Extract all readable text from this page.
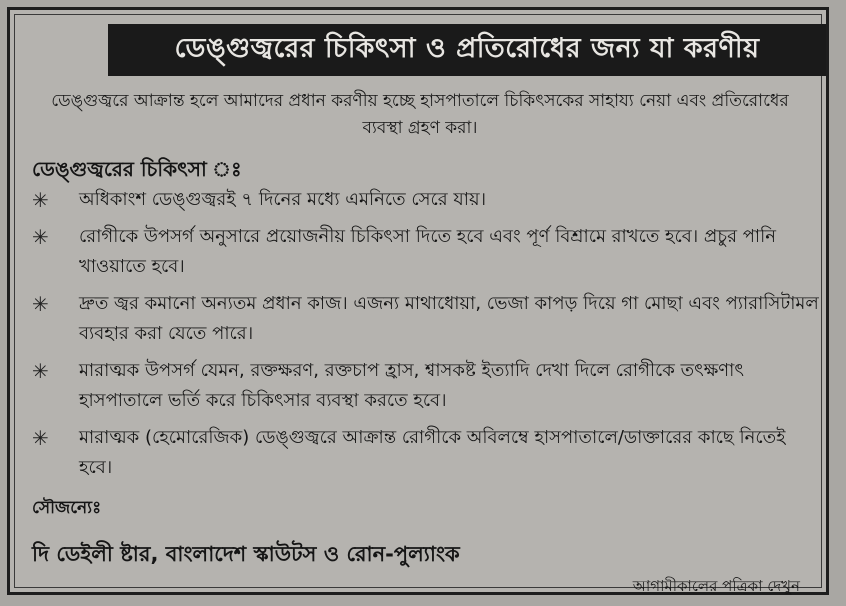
ডেঙ্গুজ্বরের চিকিৎসা ও প্রতিরোধের জন্য যা করণীয়
ডেঙ্গুজ্বরে আক্রান্ত হলে আমাদের প্রধান করণীয় হচ্ছে হাসপাতালে চিকিৎসকের সাহায্য নেয়া এবং প্রতিরোধের ব্যবস্থা গ্রহণ করা।
ডেঙ্গুজ্বরের চিকিৎসা ঃ
✳	অধিকাংশ ডেঙ্গুজ্বরই ৭ দিনের মধ্যে এমনিতে সেরে যায়।
✳	রোগীকে উপসর্গ অনুসারে প্রয়োজনীয় চিকিৎসা দিতে হবে এবং পূর্ণ বিশ্রামে রাখতে হবে। প্রচুর পানি খাওয়াতে হবে।
✳	দ্রুত জ্বর কমানো অন্যতম প্রধান কাজ। এজন্য মাথাধোয়া, ভেজা কাপড় দিয়ে গা মোছা এবং প্যারাসিটামল ব্যবহার করা যেতে পারে।
✳	মারাত্মক উপসর্গ যেমন, রক্তক্ষরণ, রক্তচাপ হ্রাস, শ্বাসকষ্ট ইত্যাদি দেখা দিলে রোগীকে তৎক্ষণাৎ হাসপাতালে ভর্তি করে চিকিৎসার ব্যবস্থা করতে হবে।
✳	মারাত্মক (হেমোরেজিক) ডেঙ্গুজ্বরে আক্রান্ত রোগীকে অবিলম্বে হাসপাতালে/ডাক্তারের কাছে নিতেই হবে।
সৌজন্যেঃ
দি ডেইলী ষ্টার, বাংলাদেশ স্কাউটস ও রোন-পুল্যাংক
আগামীকালের পত্রিকা দেখুন
